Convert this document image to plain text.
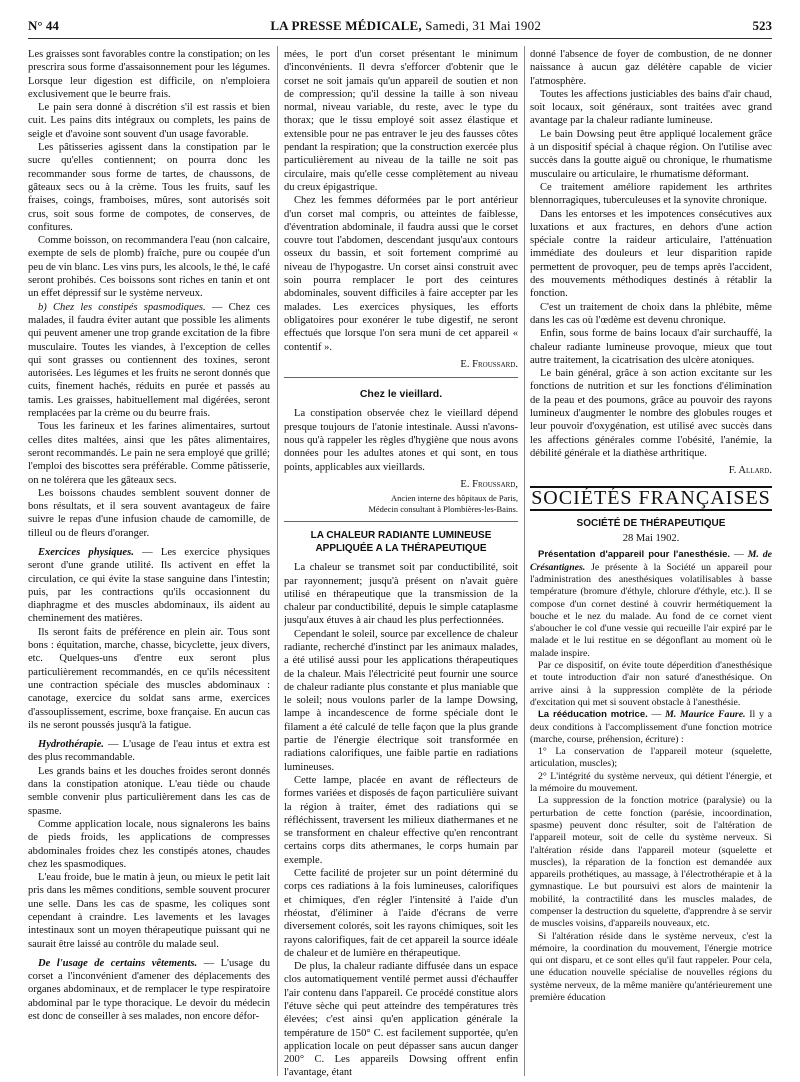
N° 44	LA PRESSE MÉDICALE, Samedi, 31 Mai 1902	523

Les graisses sont favorables contre la constipation; on les prescrira sous forme d'assaisonnement pour les légumes. Lorsque leur digestion est difficile, on n'emploiera exclusivement que le beurre frais.

Le pain sera donné à discrétion s'il est rassis et bien cuit. Les pains dits intégraux ou complets, les pains de seigle et d'avoine sont souvent d'un usage favorable.

Les pâtisseries agissent dans la constipation par le sucre qu'elles contiennent; on pourra donc les recommander sous forme de tartes, de chaussons, de gâteaux secs ou à la crème. Tous les fruits, sauf les fraises, coings, framboises, mûres, sont autorisés soit crus, soit sous forme de compotes, de conserves, de confitures.

Comme boisson, on recommandera l'eau (non calcaire, exempte de sels de plomb) fraîche, pure ou coupée d'un peu de vin blanc. Les vins purs, les alcools, le thé, le café seront prohibés. Ces boissons sont riches en tanin et ont un effet dépressif sur le système nerveux.

b) Chez les constipés spasmodiques. — Chez ces malades, il faudra éviter autant que possible les aliments qui peuvent amener une trop grande excitation de la fibre musculaire. Toutes les viandes, à l'exception de celles qui sont grasses ou contiennent des toxines, seront autorisées. Les légumes et les fruits ne seront donnés que cuits, finement hachés, réduits en purée et passés au tamis. Les graisses, habituellement mal digérées, seront remplacées par la crème ou du beurre frais.

Tous les farineux et les farines alimentaires, surtout celles dites maltées, ainsi que les pâtes alimentaires, seront recommandés. Le pain ne sera employé que grillé; l'emploi des biscottes sera préférable. Comme pâtisserie, on ne tolérera que les gâteaux secs.

Les boissons chaudes semblent souvent donner de bons résultats, et il sera souvent avantageux de faire suivre le repas d'une infusion chaude de camomille, de tilleul ou de fleurs d'oranger.

Exercices physiques. — Les exercice physiques seront d'une grande utilité. Ils activent en effet la circulation, ce qui évite la stase sanguine dans l'intestin; puis, par les contractions qu'ils occasionnent du diaphragme et des muscles abdominaux, ils aident au cheminement des matières.

Ils seront faits de préférence en plein air. Tous sont bons : équitation, marche, chasse, bicyclette, jeux divers, etc. Quelques-uns d'entre eux seront plus particulièrement recommandés, en ce qu'ils nécessitent une contraction spéciale des muscles abdominaux : canotage, exercice du soldat sans arme, exercices d'assouplissement, escrime, boxe française. En aucun cas ils ne seront poussés jusqu'à la fatigue.

Hydrothérapie. — L'usage de l'eau intus et extra est des plus recommandable.

Les grands bains et les douches froides seront donnés dans la constipation atonique. L'eau tiède ou chaude semble convenir plus particulièrement dans les cas de spasme.

Comme application locale, nous signalerons les bains de pieds froids, les applications de compresses abdominales froides chez les constipés atones, chaudes chez les spasmodiques.

L'eau froide, bue le matin à jeun, ou mieux le petit lait pris dans les mêmes conditions, semble souvent procurer une selle. Dans les cas de spasme, les coliques sont cependant à craindre. Les lavements et les lavages intestinaux sont un moyen thérapeutique puissant qui ne saurait être laissé au contrôle du malade seul.

De l'usage de certains vêtements. — L'usage du corset a l'inconvénient d'amener des déplacements des organes abdominaux, et de remplacer le type respiratoire abdominal par le type thoracique. Le devoir du médecin est donc de conseiller à ses malades, non encore défor-

mées, le port d'un corset présentant le minimum d'inconvénients. Il devra s'efforcer d'obtenir que le corset ne soit jamais qu'un appareil de soutien et non de compression; qu'il dessine la taille à son niveau normal, niveau variable, du reste, avec le type du thorax; que le tissu employé soit assez élastique et extensible pour ne pas entraver le jeu des fausses côtes pendant la respiration; que la construction exercée plus particulièrement au niveau de la taille ne soit pas circulaire, mais qu'elle cesse complètement au niveau du creux épigastrique.

Chez les femmes déformées par le port antérieur d'un corset mal compris, ou atteintes de faiblesse, d'éventration abdominale, il faudra aussi que le corset couvre tout l'abdomen, descendant jusqu'aux contours osseux du bassin, et soit fortement comprimé au niveau de l'hypogastre. Un corset ainsi construit avec soin pourra remplacer le port des ceintures abdominales, souvent difficiles à faire accepter par les malades. Les exercices physiques, les efforts obligatoires pour exonérer le tube digestif, ne seront effectués que lorsque l'on sera muni de cet appareil « contentif ».

E. Froussard.
Chez le vieillard.

La constipation observée chez le vieillard dépend presque toujours de l'atonie intestinale. Aussi n'avons-nous qu'à rappeler les règles d'hygiène que nous avons données pour les adultes atones et qui sont, en tous points, applicables aux vieillards.

E. Froussard,
Ancien interne des hôpitaux de Paris,
Médecin consultant à Plombières-les-Bains.
LA CHALEUR RADIANTE LUMINEUSE
APPLIQUÉE A LA THÉRAPEUTIQUE

La chaleur se transmet soit par conductibilité, soit par rayonnement; jusqu'à présent on n'avait guère utilisé en thérapeutique que la transmission de la chaleur par conductibilité, depuis le simple cataplasme jusqu'aux étuves à air chaud les plus perfectionnées.

Cependant le soleil, source par excellence de chaleur radiante, recherché d'instinct par les animaux malades, a été utilisé aussi pour les applications thérapeutiques de la chaleur. Mais l'électricité peut fournir une source de chaleur radiante plus constante et plus maniable que le soleil; nous voulons parler de la lampe Dowsing, lampe à incandescence de forme spéciale dont le filament a été calculé de telle façon que la plus grande partie de l'énergie électrique soit transformée en radiations calorifiques, une faible partie en radiations lumineuses.

Cette lampe, placée en avant de réflecteurs de formes variées et disposés de façon particulière suivant la région à traiter, émet des radiations qui se réfléchissent, traversent les milieux diathermanes et ne se transforment en chaleur effective qu'en rencontrant certains corps dits athermanes, le corps humain par exemple.

Cette facilité de projeter sur un point déterminé du corps ces radiations à la fois lumineuses, calorifiques et chimiques, d'en régler l'intensité à l'aide d'un rhéostat, d'éliminer à l'aide d'écrans de verre diversement colorés, soit les rayons chimiques, soit les rayons calorifiques, fait de cet appareil la source idéale de chaleur et de lumière en thérapeutique.

De plus, la chaleur radiante diffusée dans un espace clos automatiquement ventilé permet aussi d'échauffer l'air contenu dans l'appareil. Ce procédé constitue alors l'étuve sèche qui peut atteindre des températures très élevées; c'est ainsi qu'en application générale la température de 150° C. est facilement supportée, qu'en application locale on peut dépasser sans aucun danger 200° C. Les appareils Dowsing offrent enfin l'avantage, étant

donné l'absence de foyer de combustion, de ne donner naissance à aucun gaz délétère capable de vicier l'atmosphère.

Toutes les affections justiciables des bains d'air chaud, soit locaux, soit généraux, sont traitées avec grand avantage par la chaleur radiante lumineuse.

Le bain Dowsing peut être appliqué localement grâce à un dispositif spécial à chaque région. On l'utilise avec succès dans la goutte aiguë ou chronique, le rhumatisme musculaire ou articulaire, le rhumatisme déformant.

Ce traitement améliore rapidement les arthrites blennorragiques, tuberculeuses et la synovite chronique.

Dans les entorses et les impotences consécutives aux luxations et aux fractures, en dehors d'une action spéciale contre la raideur articulaire, l'atténuation immédiate des douleurs et leur disparition rapide permettent de provoquer, peu de temps après l'accident, des mouvements méthodiques destinés à rétablir la fonction.

C'est un traitement de choix dans la phlébite, même dans les cas où l'œdème est devenu chronique.

Enfin, sous forme de bains locaux d'air surchauffé, la chaleur radiante lumineuse provoque, mieux que tout autre traitement, la cicatrisation des ulcère atoniques.

Le bain général, grâce à son action excitante sur les fonctions de nutrition et sur les fonctions d'élimination de la peau et des poumons, grâce au pouvoir des rayons lumineux d'augmenter le nombre des globules rouges et leur pouvoir d'oxygénation, est utilisé avec succès dans les affections générales comme l'obésité, l'anémie, la débilité générale et la diathèse arthritique.

F. Allard.
SOCIÉTÉS FRANÇAISES
SOCIÉTÉ DE THÉRAPEUTIQUE
28 Mai 1902.

Présentation d'appareil pour l'anesthésie. — M. de Crésantignes. Je présente à la Société un appareil pour l'administration des anesthésiques volatilisables à basse température (bromure d'éthyle, chlorure d'éthyle, etc.). Il se compose d'un cornet destiné à couvrir hermétiquement la bouche et le nez du malade. Au fond de ce cornet vient s'aboucher le col d'une vessie qui recueille l'air expiré par le malade et le lui restitue en se dégonflant au moment où le malade inspire.

Par ce dispositif, on évite toute déperdition d'anesthésique et toute introduction d'air non saturé d'anesthésique. On arrive ainsi à la suppression complète de la période d'excitation qui met si souvent obstacle à l'anesthésie.

La rééducation motrice. — M. Maurice Faure. Il y a deux conditions à l'accomplissement d'une fonction motrice (marche, course, préhension, écriture) :

1° La conservation de l'appareil moteur (squelette, articulation, muscles);

2° L'intégrité du système nerveux, qui détient l'énergie, et la mémoire du mouvement.

La suppression de la fonction motrice (paralysie) ou la perturbation de cette fonction (parésie, incoordination, spasme) peuvent donc résulter, soit de l'altération de l'appareil moteur, soit de celle du système nerveux. Si l'altération réside dans l'appareil moteur (squelette et muscles), la réparation de la fonction est demandée aux appareils prothétiques, au massage, à l'électrothérapie et à la gymnastique. Le but poursuivi est alors de maintenir la mobilité, la contractilité dans les muscles malades, de compenser la destruction du squelette, d'apprendre à se servir de muscles voisins, d'appareils nouveaux, etc.

Si l'altération réside dans le système nerveux, c'est la mémoire, la coordination du mouvement, l'énergie motrice qui ont disparu, et ce sont elles qu'il faut rappeler. Pour cela, une éducation nouvelle spécialise de nouvelles régions du système nerveux, de la même manière qu'antérieurement une première éducation
